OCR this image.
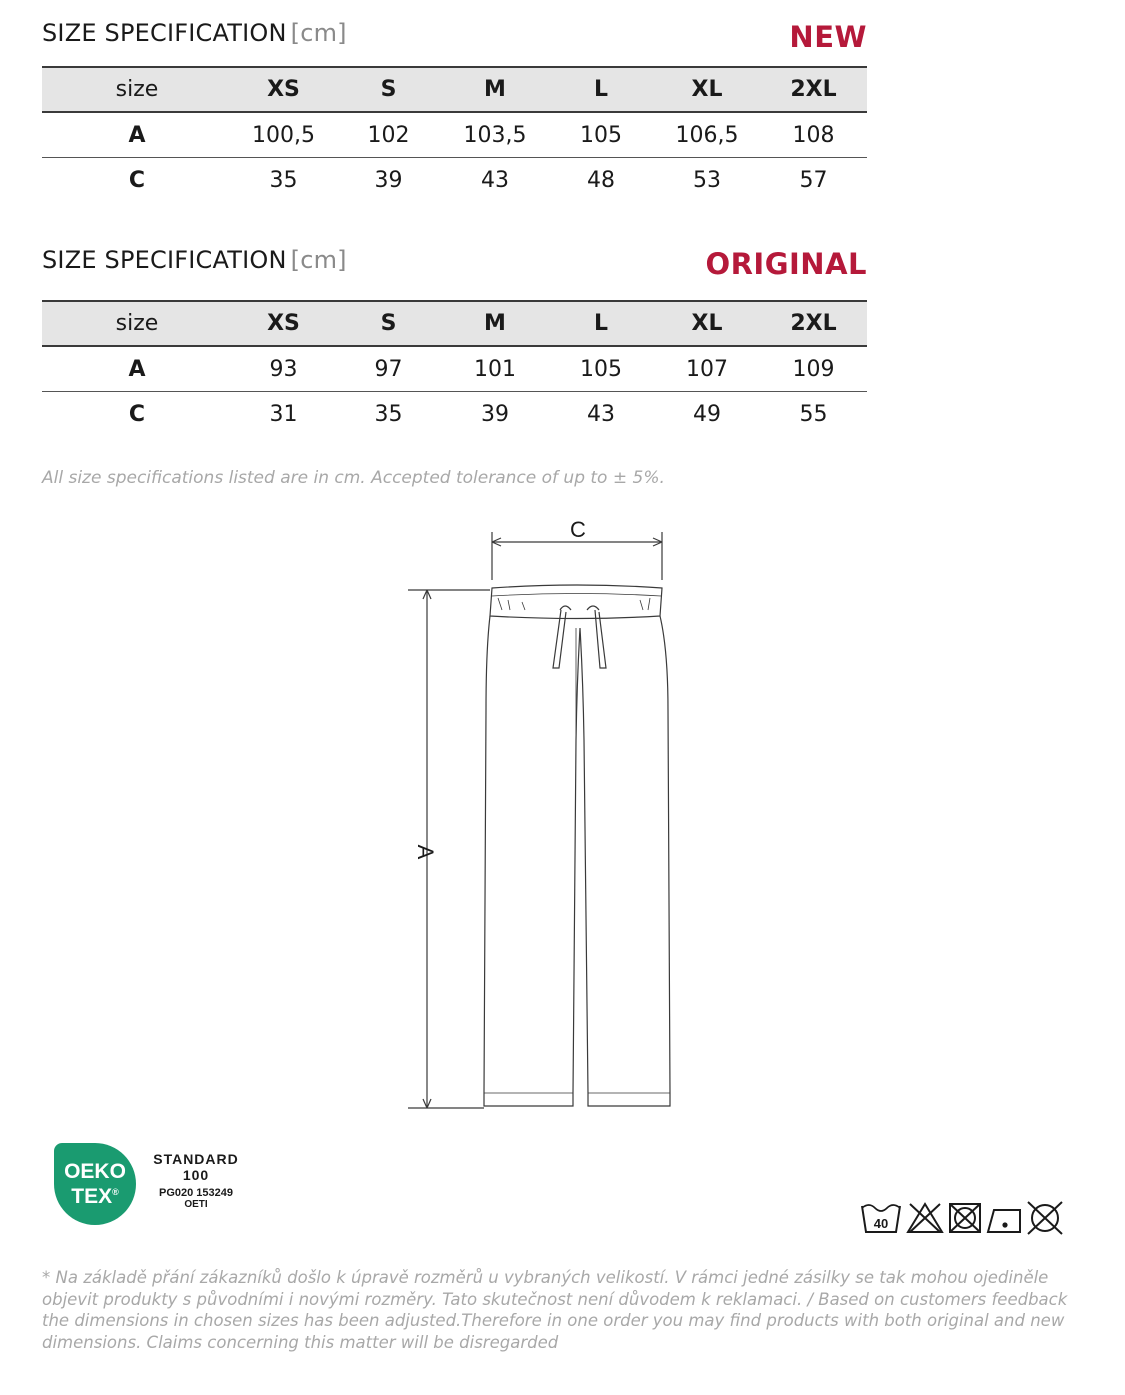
SIZE SPECIFICATION [cm]	NEW
size	XS	S	M	L	XL	2XL
A	100,5	102	103,5	105	106,5	108
C	35	39	43	48	53	57
SIZE SPECIFICATION [cm]	ORIGINAL
size	XS	S	M	L	XL	2XL
A	93	97	101	105	107	109
C	31	35	39	43	49	55
All size specifications listed are in cm. Accepted tolerance of up to ± 5%.
C
A
OEKO
TEX®
STANDARD
100
PG020 153249
OETI
40
* Na základě přání zákazníků došlo k úpravě rozměrů u vybraných velikostí. V rámci jedné zásilky se tak mohou ojediněle objevit produkty s původními i novými rozměry. Tato skutečnost není důvodem k reklamaci. / Based on customers feedback the dimensions in chosen sizes has been adjusted.Therefore in one order you may find products with both original and new dimensions. Claims concerning this matter will be disregarded
